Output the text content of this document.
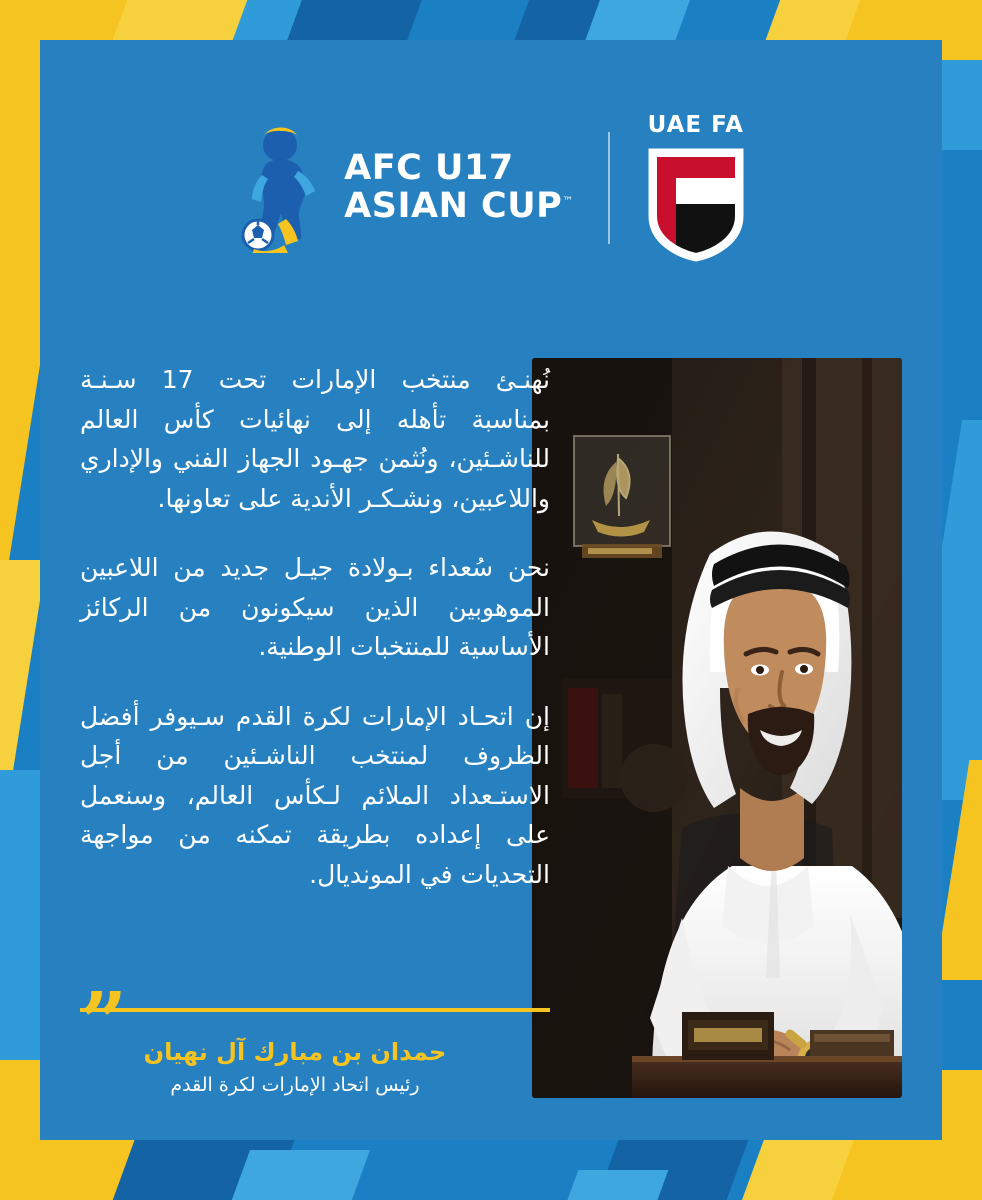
AFC U17
ASIAN CUP™
UAE FA

نُهنـئ منتخب الإمارات تحت 17 سـنـة بمناسبة تأهله إلى نهائيات كأس العالم للناشـئين، ونُثمن جهـود الجهاز الفني والإداري واللاعبين، ونشـكـر الأندية على تعاونها.

نحن سُعداء بـولادة جيـل جديد من اللاعبين الموهوبين الذين سيكونون من الركائز الأساسية للمنتخبات الوطنية.

إن اتحـاد الإمارات لكرة القدم سـيوفر أفضل الظروف لمنتخب الناشـئين من أجل الاستـعداد الملائم لـكأس العالم، وسنعمل على إعداده بطريقة تمكنه من مواجهة التحديات في المونديال.

” حمدان بن مبارك آل نهيان
رئيس اتحاد الإمارات لكرة القدم
